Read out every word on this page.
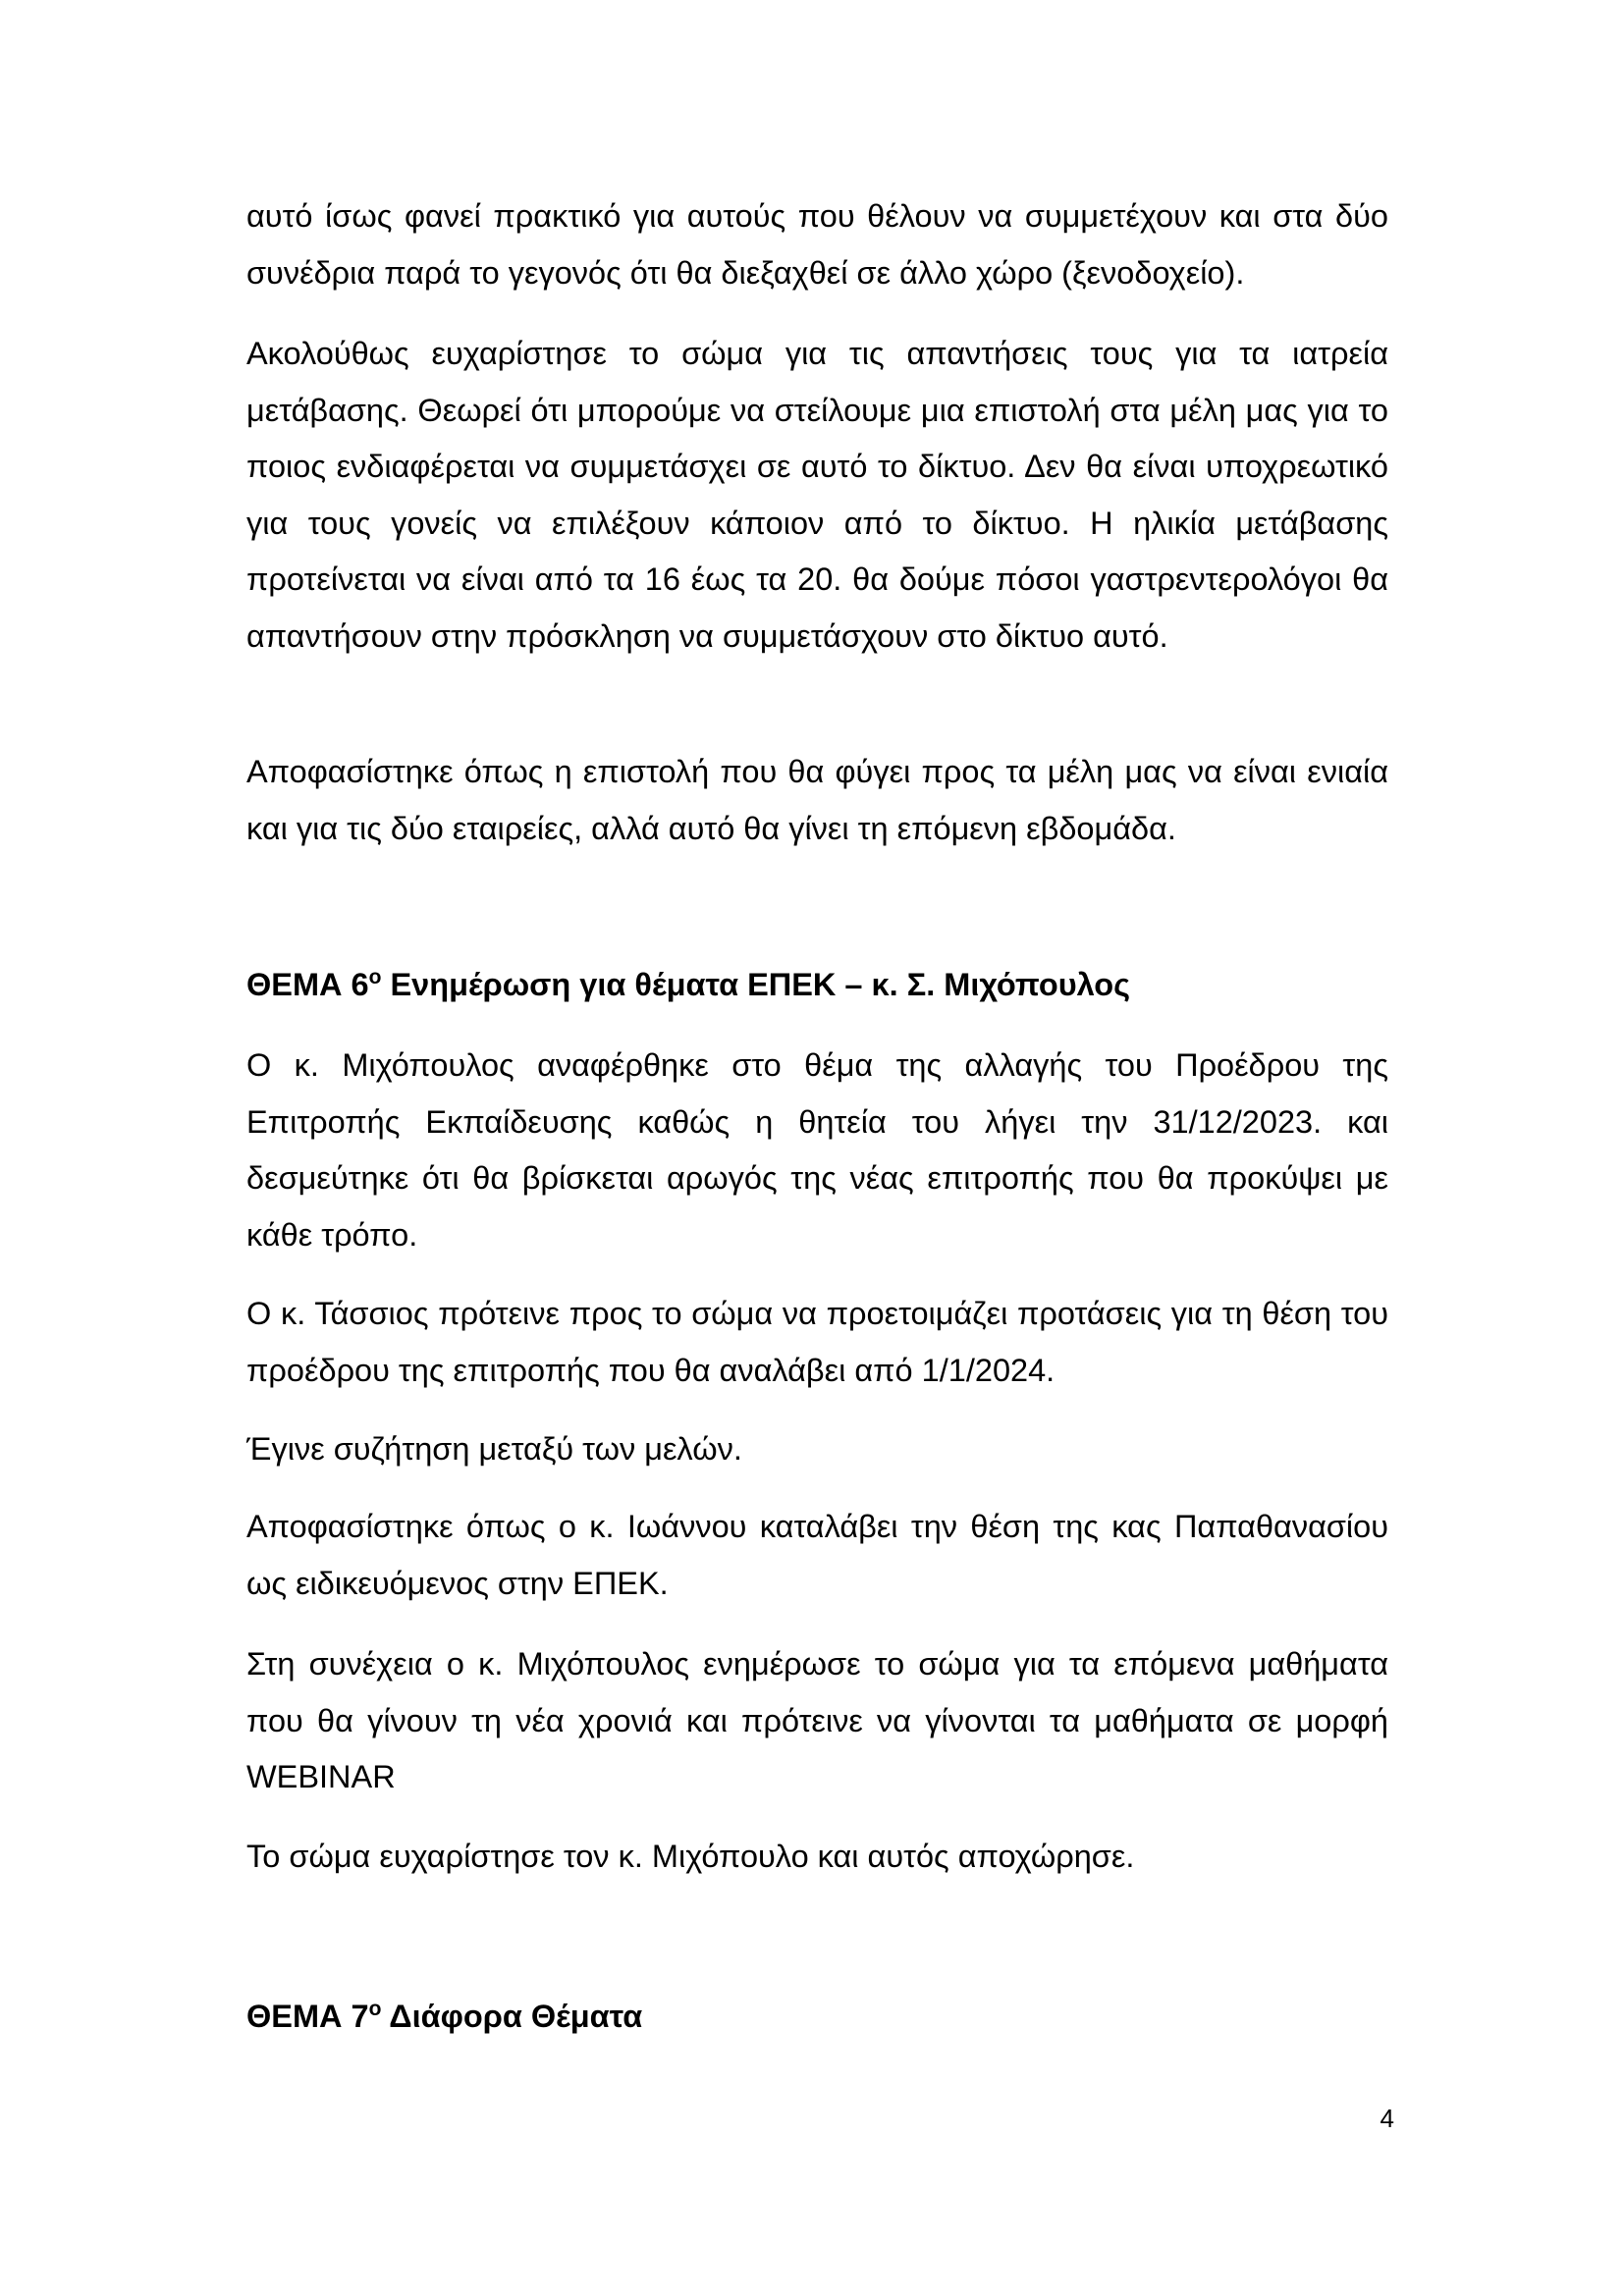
αυτό ίσως φανεί πρακτικό για αυτούς που θέλουν να συμμετέχουν και στα δύο συνέδρια παρά το γεγονός ότι θα διεξαχθεί σε άλλο χώρο (ξενοδοχείο).

Ακολούθως ευχαρίστησε το σώμα για τις απαντήσεις τους για τα ιατρεία μετάβασης. Θεωρεί ότι μπορούμε να στείλουμε μια επιστολή στα μέλη μας για το ποιος ενδιαφέρεται να συμμετάσχει σε αυτό το δίκτυο. Δεν θα είναι υποχρεωτικό για τους γονείς να επιλέξουν κάποιον από το δίκτυο. Η ηλικία μετάβασης προτείνεται να είναι από τα 16 έως τα 20. θα δούμε πόσοι γαστρεντερολόγοι θα απαντήσουν στην πρόσκληση να συμμετάσχουν στο δίκτυο αυτό.

Αποφασίστηκε όπως η επιστολή που θα φύγει προς τα μέλη μας να είναι ενιαία και για τις δύο εταιρείες, αλλά αυτό θα γίνει τη επόμενη εβδομάδα.

ΘΕΜΑ $6^o$ Ενημέρωση για θέματα ΕΠΕΚ – κ. Σ. Μιχόπουλος

Ο κ. Μιχόπουλος αναφέρθηκε στο θέμα της αλλαγής του Προέδρου της Επιτροπής Εκπαίδευσης καθώς η θητεία του λήγει την 31/12/2023. και δεσμεύτηκε ότι θα βρίσκεται αρωγός της νέας επιτροπής που θα προκύψει με κάθε τρόπο.

Ο κ. Τάσσιος πρότεινε προς το σώμα να προετοιμάζει προτάσεις για τη θέση του προέδρου της επιτροπής που θα αναλάβει από 1/1/2024.

Έγινε συζήτηση μεταξύ των μελών.

Αποφασίστηκε όπως ο κ. Ιωάννου καταλάβει την θέση της κας Παπαθανασίου ως ειδικευόμενος στην ΕΠΕΚ.

Στη συνέχεια ο κ. Μιχόπουλος ενημέρωσε το σώμα για τα επόμενα μαθήματα που θα γίνουν τη νέα χρονιά και πρότεινε να γίνονται τα μαθήματα σε μορφή WEBINAR

Το σώμα ευχαρίστησε τον κ. Μιχόπουλο και αυτός αποχώρησε.

ΘΕΜΑ $7^o$ Διάφορα Θέματα
4
